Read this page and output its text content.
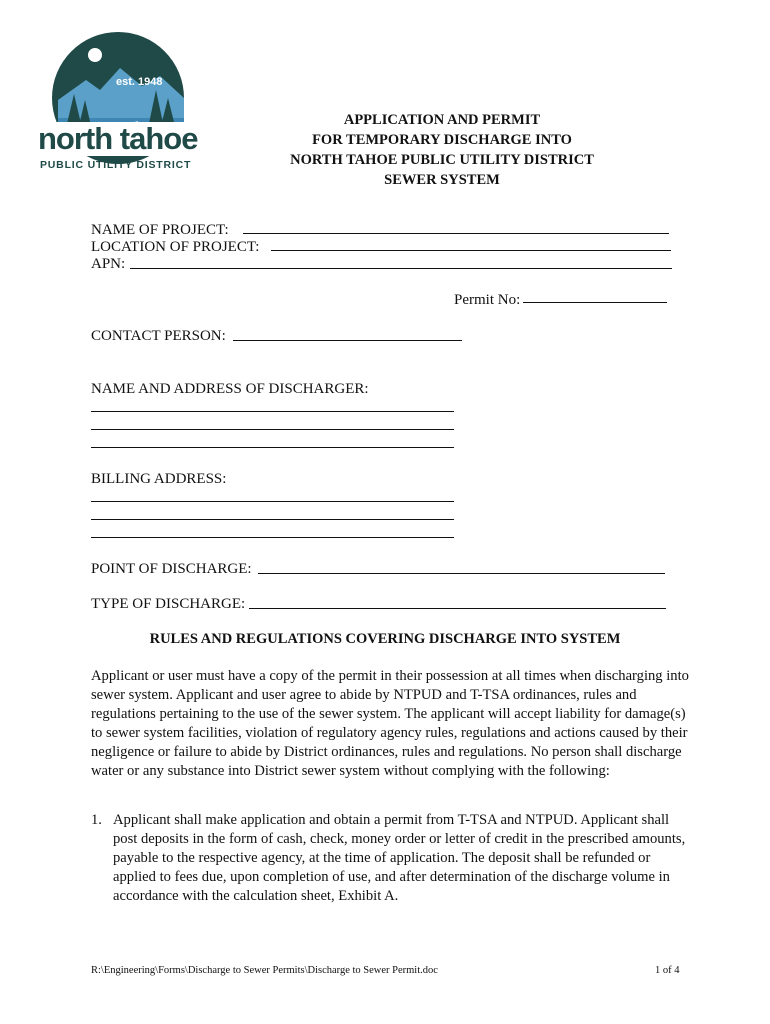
est. 1948
north tahoe
PUBLIC UTILITY DISTRICT
APPLICATION AND PERMIT
FOR TEMPORARY DISCHARGE INTO
NORTH TAHOE PUBLIC UTILITY DISTRICT
SEWER SYSTEM
NAME OF PROJECT:
LOCATION OF PROJECT:
APN:
Permit No:
CONTACT PERSON:
NAME AND ADDRESS OF DISCHARGER:
BILLING ADDRESS:
POINT OF DISCHARGE:
TYPE OF DISCHARGE:
RULES AND REGULATIONS COVERING DISCHARGE INTO SYSTEM
Applicant or user must have a copy of the permit in their possession at all times when discharging into sewer system. Applicant and user agree to abide by NTPUD and T-TSA ordinances, rules and regulations pertaining to the use of the sewer system. The applicant will accept liability for damage(s) to sewer system facilities, violation of regulatory agency rules, regulations and actions caused by their negligence or failure to abide by District ordinances, rules and regulations. No person shall discharge water or any substance into District sewer system without complying with the following:
1. Applicant shall make application and obtain a permit from T-TSA and NTPUD. Applicant shall post deposits in the form of cash, check, money order or letter of credit in the prescribed amounts, payable to the respective agency, at the time of application. The deposit shall be refunded or applied to fees due, upon completion of use, and after determination of the discharge volume in accordance with the calculation sheet, Exhibit A.
R:\Engineering\Forms\Discharge to Sewer Permits\Discharge to Sewer Permit.doc	1 of 4
